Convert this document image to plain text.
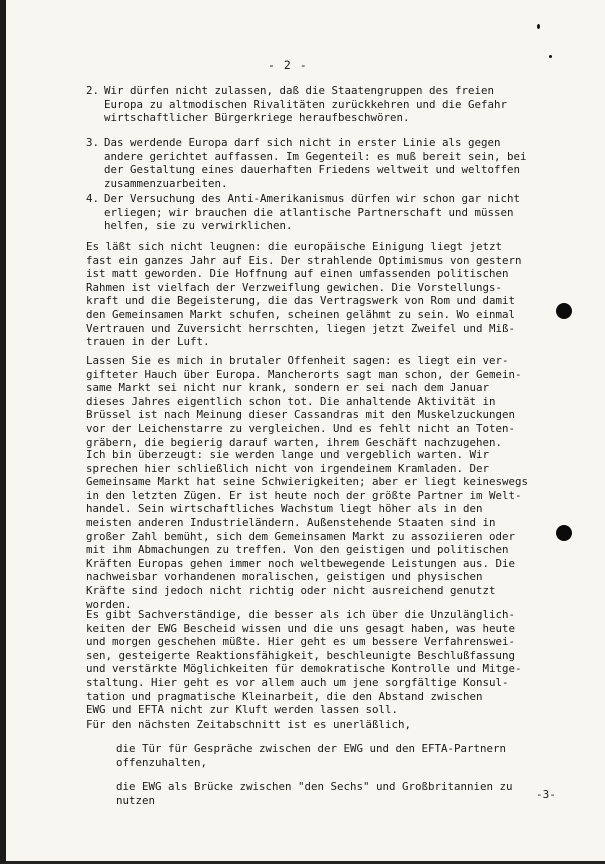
- 2 -
2. Wir dürfen nicht zulassen, daß die Staatengruppen des freien
Europa zu altmodischen Rivalitäten zurückkehren und die Gefahr
wirtschaftlicher Bürgerkriege heraufbeschwören.
3. Das werdende Europa darf sich nicht in erster Linie als gegen
andere gerichtet auffassen. Im Gegenteil: es muß bereit sein, bei
der Gestaltung eines dauerhaften Friedens weltweit und weltoffen
zusammenzuarbeiten.
4. Der Versuchung des Anti-Amerikanismus dürfen wir schon gar nicht
erliegen; wir brauchen die atlantische Partnerschaft und müssen
helfen, sie zu verwirklichen.
Es läßt sich nicht leugnen: die europäische Einigung liegt jetzt
fast ein ganzes Jahr auf Eis. Der strahlende Optimismus von gestern
ist matt geworden. Die Hoffnung auf einen umfassenden politischen
Rahmen ist vielfach der Verzweiflung gewichen. Die Vorstellungs-
kraft und die Begeisterung, die das Vertragswerk von Rom und damit
den Gemeinsamen Markt schufen, scheinen gelähmt zu sein. Wo einmal
Vertrauen und Zuversicht herrschten, liegen jetzt Zweifel und Miß-
trauen in der Luft.
Lassen Sie es mich in brutaler Offenheit sagen: es liegt ein ver-
gifteter Hauch über Europa. Mancherorts sagt man schon, der Gemein-
same Markt sei nicht nur krank, sondern er sei nach dem Januar
dieses Jahres eigentlich schon tot. Die anhaltende Aktivität in
Brüssel ist nach Meinung dieser Cassandras mit den Muskelzuckungen
vor der Leichenstarre zu vergleichen. Und es fehlt nicht an Toten-
gräbern, die begierig darauf warten, ihrem Geschäft nachzugehen.
Ich bin überzeugt: sie werden lange und vergeblich warten. Wir
sprechen hier schließlich nicht von irgendeinem Kramladen. Der
Gemeinsame Markt hat seine Schwierigkeiten; aber er liegt keineswegs
in den letzten Zügen. Er ist heute noch der größte Partner im Welt-
handel. Sein wirtschaftliches Wachstum liegt höher als in den
meisten anderen Industrieländern. Außenstehende Staaten sind in
großer Zahl bemüht, sich dem Gemeinsamen Markt zu assoziieren oder
mit ihm Abmachungen zu treffen. Von den geistigen und politischen
Kräften Europas gehen immer noch weltbewegende Leistungen aus. Die
nachweisbar vorhandenen moralischen, geistigen und physischen
Kräfte sind jedoch nicht richtig oder nicht ausreichend genutzt
worden.
Es gibt Sachverständige, die besser als ich über die Unzulänglich-
keiten der EWG Bescheid wissen und die uns gesagt haben, was heute
und morgen geschehen müßte. Hier geht es um bessere Verfahrenswei-
sen, gesteigerte Reaktionsfähigkeit, beschleunigte Beschlußfassung
und verstärkte Möglichkeiten für demokratische Kontrolle und Mitge-
staltung. Hier geht es vor allem auch um jene sorgfältige Konsul-
tation und pragmatische Kleinarbeit, die den Abstand zwischen
EWG und EFTA nicht zur Kluft werden lassen soll.
Für den nächsten Zeitabschnitt ist es unerläßlich,
die Tür für Gespräche zwischen der EWG und den EFTA-Partnern
offenzuhalten,
die EWG als Brücke zwischen "den Sechs" und Großbritannien zu
nutzen	-3-
